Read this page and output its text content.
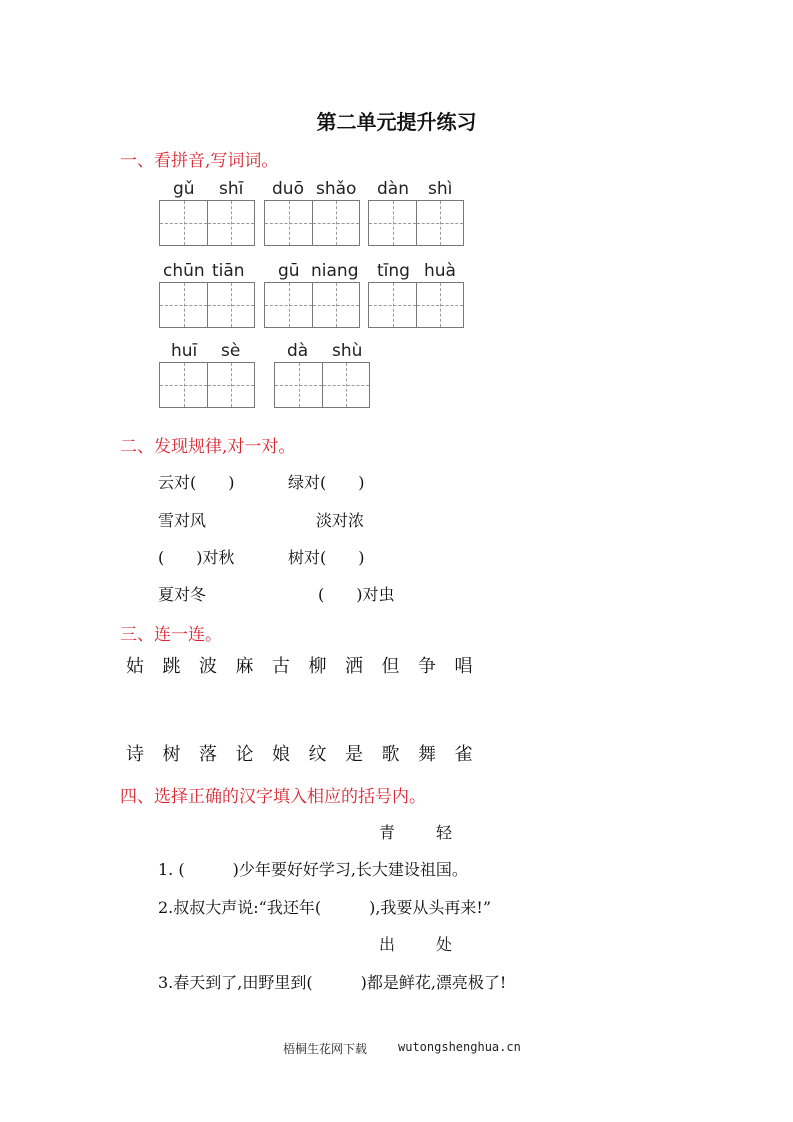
第二单元提升练习
一、看拼音,写词词。
gǔ shī duō shǎo dàn shì
chūn tiān gū niang tīng huà
huī sè	dà shù
二、发现规律,对一对。
云对(　　)	绿对(　　)
雪对风	淡对浓
(　　)对秋	树对(　　)
夏对冬	(　　)对虫
三、连一连。
姑 跳 波 麻 古 柳 洒 但 争 唱
诗 树 落 论 娘 纹 是 歌 舞 雀
四、选择正确的汉字填入相应的括号内。
青	轻
1. (　　　)少年要好好学习,长大建设祖国。
2.叔叔大声说:“我还年(　　　),我要从头再来!”
出	处
3.春天到了,田野里到(　　　)都是鲜花,漂亮极了!
梧桐生花网下载	wutongshenghua.cn
